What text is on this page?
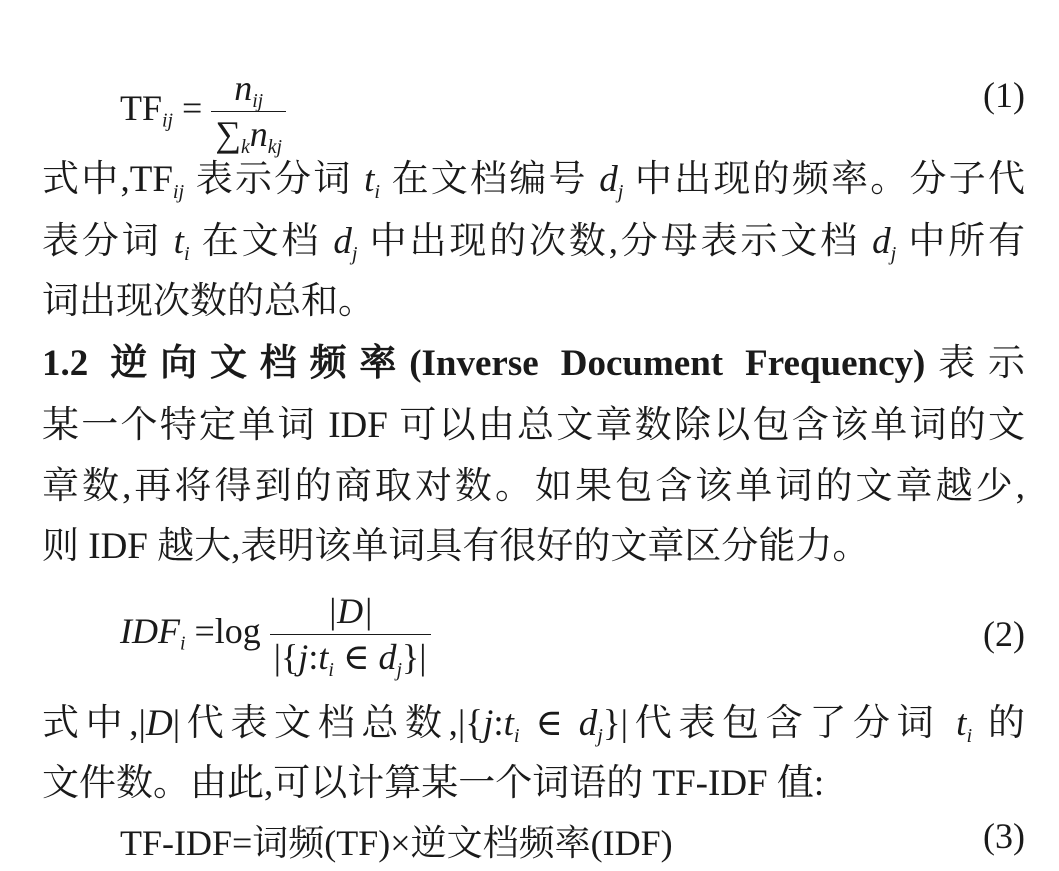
$TF_{ij} = \frac{n_{ij}}{\sum_kn_{kj}}$	(1)
式中$,TF_{ij}$ 表示分词 $t_i$ 在文档编号 $d_j$ 中出现的频率。分子代
表分词 $t_i$ 在文档 $d_j$ 中出现的次数,分母表示文档 $d_j$ 中所有
词出现次数的总和。
1.2 逆向文档频率(Inverse Document Frequency)表示
某一个特定单词 IDF 可以由总文章数除以包含该单词的文
章数,再将得到的商取对数。如果包含该单词的文章越少,
则 IDF 越大,表明该单词具有很好的文章区分能力。
$IDF_i =\log \frac{|D|}{|\{j:t_i \in d_j\}|}$	(2)
式中,|D|代表文档总数$,|\{j:t_i$ ∈ $d_j\}|$代表包含了分词 $t_i$ 的
文件数。由此,可以计算某一个词语的 TF-IDF 值:
TF-IDF=词频(TF)×逆文档频率(IDF)	(3)
